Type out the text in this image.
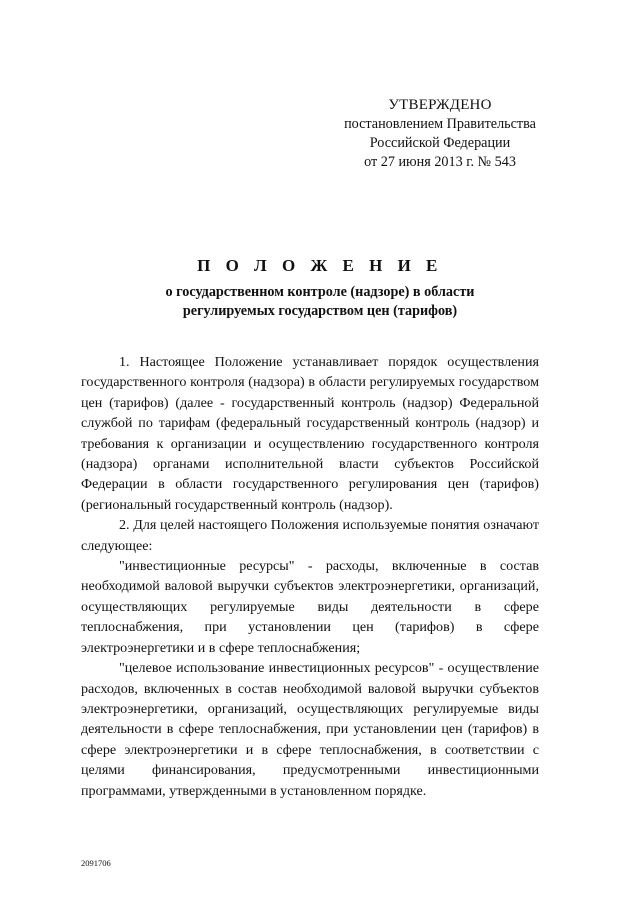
УТВЕРЖДЕНО
постановлением Правительства
Российской Федерации
от 27 июня 2013 г. № 543
П О Л О Ж Е Н И Е
о государственном контроле (надзоре) в области
регулируемых государством цен (тарифов)

1. Настоящее Положение устанавливает порядок осуществления государственного контроля (надзора) в области регулируемых государством цен (тарифов) (далее - государственный контроль (надзор) Федеральной службой по тарифам (федеральный государственный контроль (надзор) и требования к организации и осуществлению государственного контроля (надзора) органами исполнительной власти субъектов Российской Федерации в области государственного регулирования цен (тарифов) (региональный государственный контроль (надзор).

2. Для целей настоящего Положения используемые понятия означают следующее:

"инвестиционные ресурсы" - расходы, включенные в состав необходимой валовой выручки субъектов электроэнергетики, организаций, осуществляющих регулируемые виды деятельности в сфере теплоснабжения, при установлении цен (тарифов) в сфере электроэнергетики и в сфере теплоснабжения;

"целевое использование инвестиционных ресурсов" - осуществление расходов, включенных в состав необходимой валовой выручки субъектов электроэнергетики, организаций, осуществляющих регулируемые виды деятельности в сфере теплоснабжения, при установлении цен (тарифов) в сфере электроэнергетики и в сфере теплоснабжения, в соответствии с целями финансирования, предусмотренными инвестиционными программами, утвержденными в установленном порядке.

2091706
